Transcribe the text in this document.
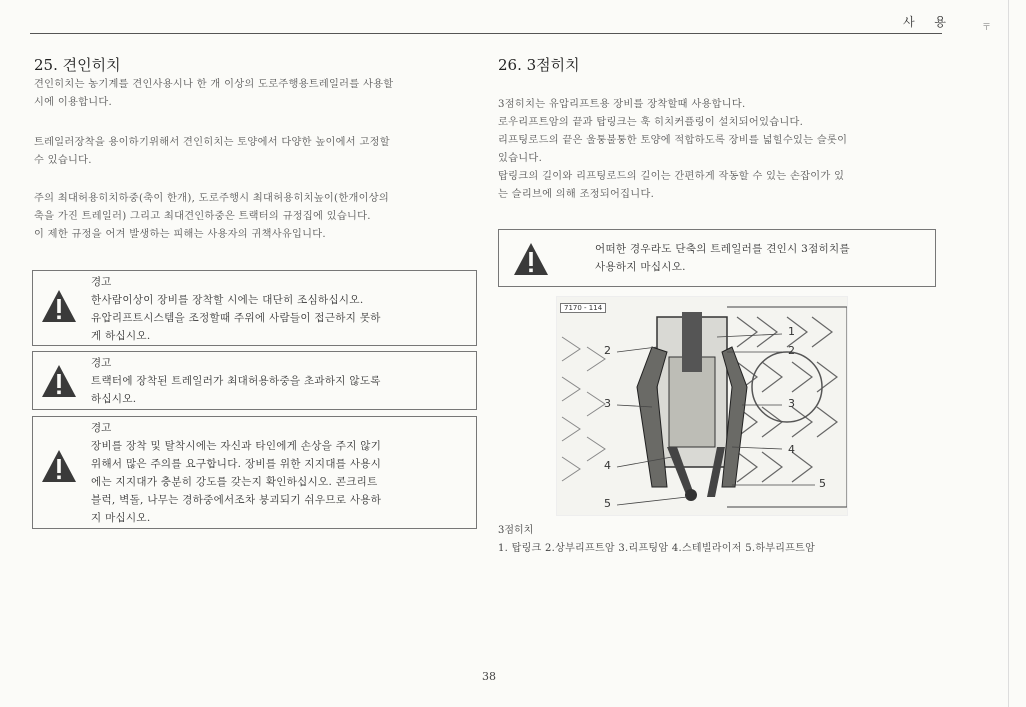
사 용	〒
25. 견인히치
견인히치는 농기계를 견인사용시나 한 개 이상의 도로주행용트레일러를 사용할
시에 이용합니다.
트레일러장착을 용이하기위해서 견인히치는 토양에서 다양한 높이에서 고정할
수 있습니다.
주의 최대허용히치하중(축이 한개), 도로주행시 최대허용히치높이(한개이상의
축을 가진 트레일러) 그리고 최대견인하중은 트랙터의 규정집에 있습니다.
이 제한 규정을 어겨 발생하는 피해는 사용자의 귀책사유입니다.
경고
한사람이상이 장비를 장착할 시에는 대단히 조심하십시오.
유압리프트시스템을 조정할때 주위에 사람들이 접근하지 못하
게 하십시오.
경고
트랙터에 장착된 트레일러가 최대허용하중을 초과하지 않도록
하십시오.
경고
장비를 장착 및 탈착시에는 자신과 타인에게 손상을 주지 않기
위해서 많은 주의를 요구합니다. 장비를 위한 지지대를 사용시
에는 지지대가 충분히 강도를 갖는지 확인하십시오. 콘크리트
블럭, 벽돌, 나무는 경하중에서조차 붕괴되기 쉬우므로 사용하
지 마십시오.
26. 3점히치
3점히치는 유압리프트용 장비를 장착할때 사용합니다.
로우리프트암의 끝과 탑링크는 훅 히치커플링이 설치되어있습니다.
리프팅로드의 끝은 울퉁불퉁한 토양에 적합하도록 장비를 넓힐수있는 슬롯이
있습니다.
탑링크의 길이와 리프팅로드의 길이는 간편하게 작동할 수 있는 손잡이가 있
는 슬리브에 의해 조정되어집니다.
어떠한 경우라도 단축의 트레일러를 견인시 3점히치를
사용하지 마십시오.
7170 - 114
1
2	2
3	3
4
4
5
5
3점히치
1. 탑링크 2.상부리프트암 3.리프팅암 4.스테빌라이저 5.하부리프트암
38
